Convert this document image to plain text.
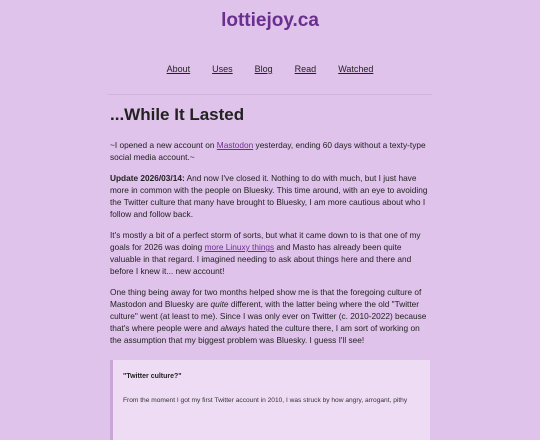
lottiejoy.ca
About Uses Blog Read Watched
...While It Lasted

~I opened a new account on Mastodon yesterday, ending 60 days without a texty-type social media account.~

Update 2026/03/14: And now I've closed it. Nothing to do with much, but I just have more in common with the people on Bluesky. This time around, with an eye to avoiding the Twitter culture that many have brought to Bluesky, I am more cautious about who I follow and follow back.

It's mostly a bit of a perfect storm of sorts, but what it came down to is that one of my goals for 2026 was doing more Linuxy things and Masto has already been quite valuable in that regard. I imagined needing to ask about things here and there and before I knew it... new account!

One thing being away for two months helped show me is that the foregoing culture of Mastodon and Bluesky are quite different, with the latter being where the old "Twitter culture" went (at least to me). Since I was only ever on Twitter (c. 2010-2022) because that's where people were and always hated the culture there, I am sort of working on the assumption that my biggest problem was Bluesky. I guess I'll see!

"Twitter culture?"

From the moment I got my first Twitter account in 2010, I was struck by how angry, arrogant, pithy
